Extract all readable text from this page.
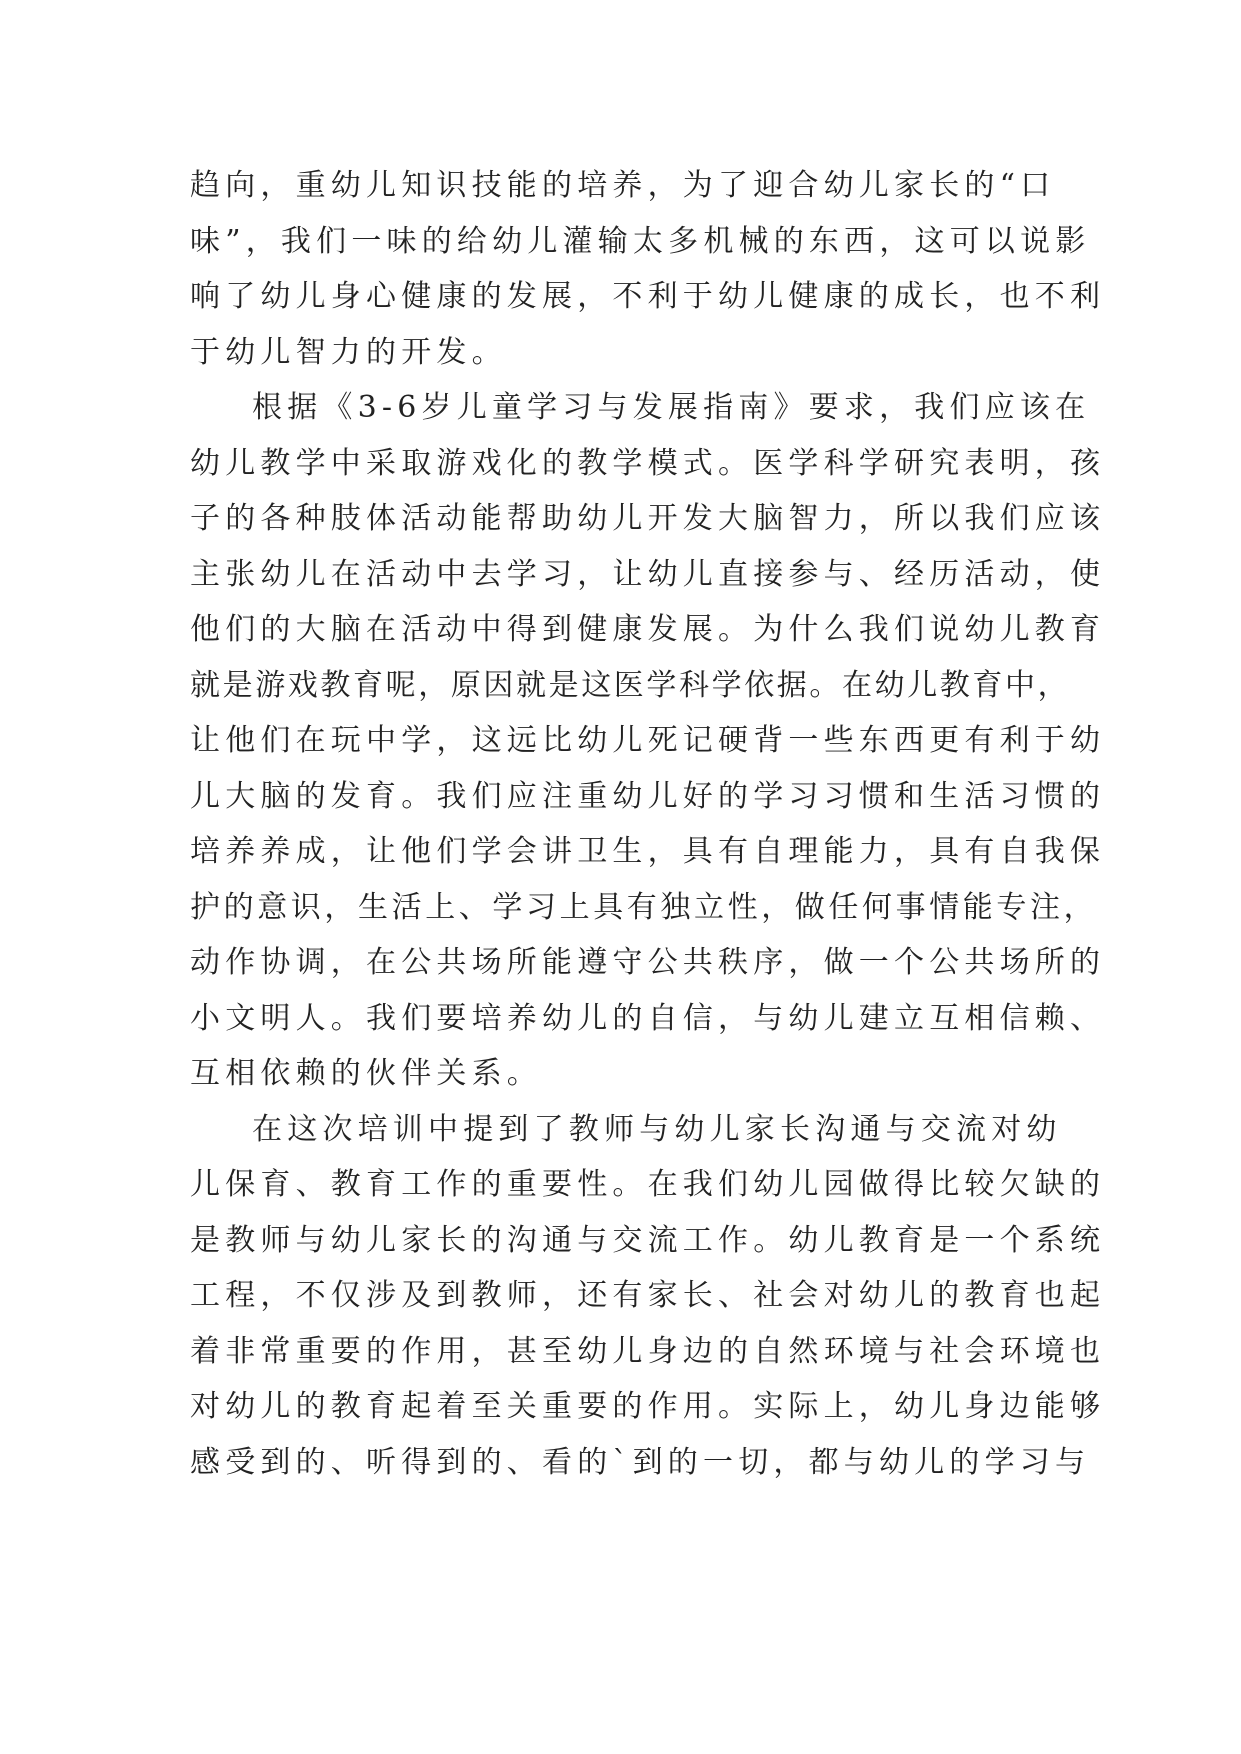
趋向，重幼儿知识技能的培养，为了迎合幼儿家长的“口
味”，我们一味的给幼儿灌输太多机械的东西，这可以说影
响了幼儿身心健康的发展，不利于幼儿健康的成长，也不利
于幼儿智力的开发。
根据《3-6岁儿童学习与发展指南》要求，我们应该在
幼儿教学中采取游戏化的教学模式。医学科学研究表明，孩
子的各种肢体活动能帮助幼儿开发大脑智力，所以我们应该
主张幼儿在活动中去学习，让幼儿直接参与、经历活动，使
他们的大脑在活动中得到健康发展。为什么我们说幼儿教育
就是游戏教育呢，原因就是这医学科学依据。在幼儿教育中，
让他们在玩中学，这远比幼儿死记硬背一些东西更有利于幼
儿大脑的发育。我们应注重幼儿好的学习习惯和生活习惯的
培养养成，让他们学会讲卫生，具有自理能力，具有自我保
护的意识，生活上、学习上具有独立性，做任何事情能专注，
动作协调，在公共场所能遵守公共秩序，做一个公共场所的
小文明人。我们要培养幼儿的自信，与幼儿建立互相信赖、
互相依赖的伙伴关系。
在这次培训中提到了教师与幼儿家长沟通与交流对幼
儿保育、教育工作的重要性。在我们幼儿园做得比较欠缺的
是教师与幼儿家长的沟通与交流工作。幼儿教育是一个系统
工程，不仅涉及到教师，还有家长、社会对幼儿的教育也起
着非常重要的作用，甚至幼儿身边的自然环境与社会环境也
对幼儿的教育起着至关重要的作用。实际上，幼儿身边能够
感受到的、听得到的、看的`到的一切，都与幼儿的学习与
